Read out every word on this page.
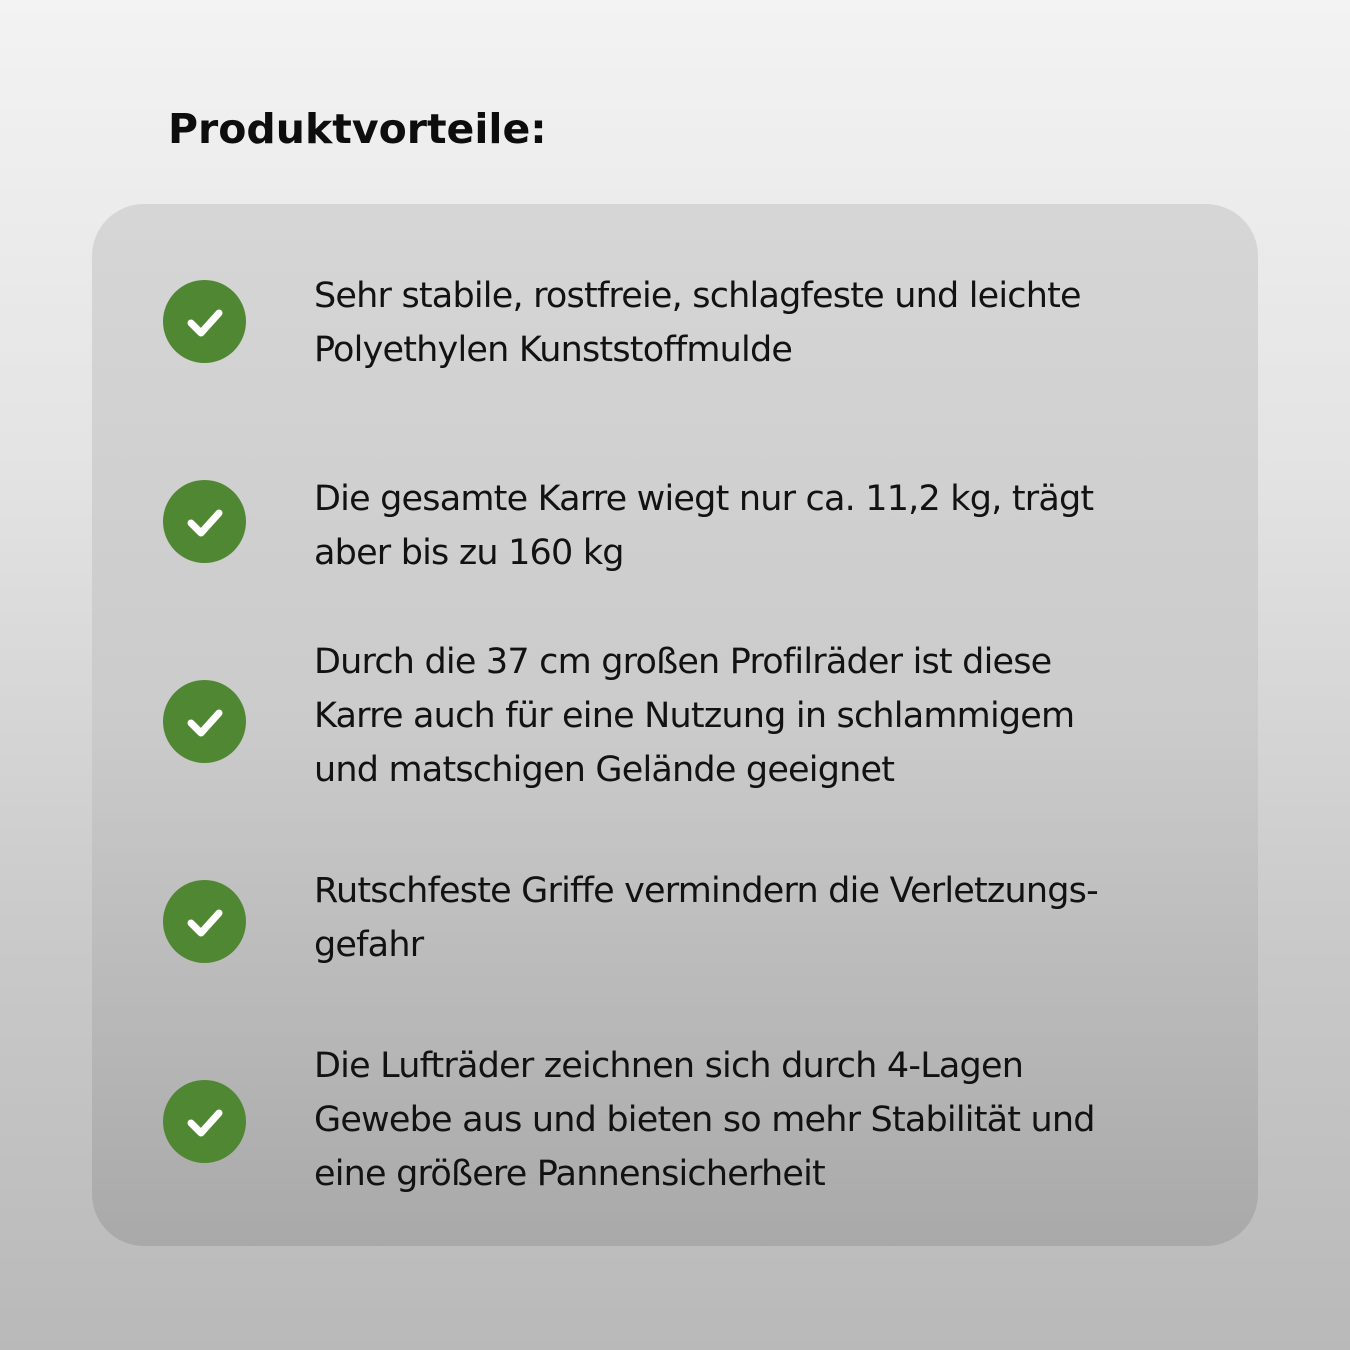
Produktvorteile:

Sehr stabile, rostfreie, schlagfeste und leichte
Polyethylen Kunststoffmulde

Die gesamte Karre wiegt nur ca. 11,2 kg, trägt
aber bis zu 160 kg

Durch die 37 cm großen Profilräder ist diese
Karre auch für eine Nutzung in schlammigem
und matschigen Gelände geeignet

Rutschfeste Griffe vermindern die Verletzungs-
gefahr

Die Lufträder zeichnen sich durch 4-Lagen
Gewebe aus und bieten so mehr Stabilität und
eine größere Pannensicherheit
